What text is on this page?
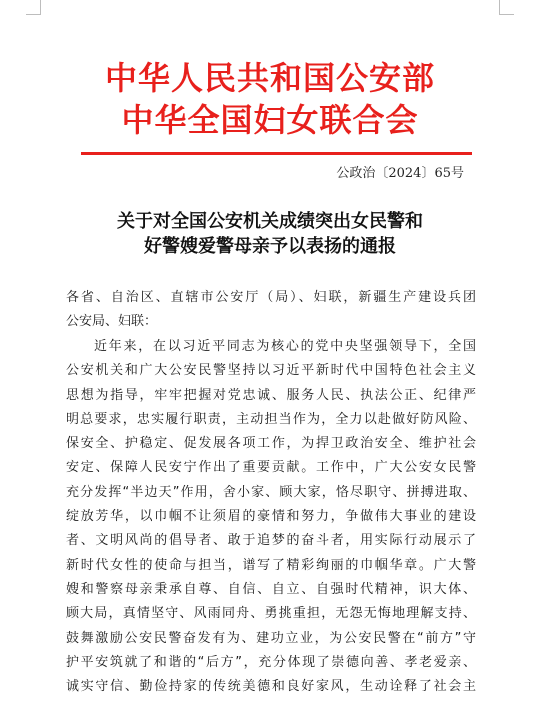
中华人民共和国公安部
中华全国妇女联合会
公政治〔2024〕65号
关于对全国公安机关成绩突出女民警和
好警嫂爱警母亲予以表扬的通报
各省、自治区、直辖市公安厅（局）、妇联，新疆生产建设兵团
公安局、妇联：
近年来，在以习近平同志为核心的党中央坚强领导下，全国
公安机关和广大公安民警坚持以习近平新时代中国特色社会主义
思想为指导，牢牢把握对党忠诚、服务人民、执法公正、纪律严
明总要求，忠实履行职责，主动担当作为，全力以赴做好防风险、
保安全、护稳定、促发展各项工作，为捍卫政治安全、维护社会
安定、保障人民安宁作出了重要贡献。工作中，广大公安女民警
充分发挥“半边天”作用，舍小家、顾大家，恪尽职守、拼搏进取、
绽放芳华，以巾帼不让须眉的豪情和努力，争做伟大事业的建设
者、文明风尚的倡导者、敢于追梦的奋斗者，用实际行动展示了
新时代女性的使命与担当，谱写了精彩绚丽的巾帼华章。广大警
嫂和警察母亲秉承自尊、自信、自立、自强时代精神，识大体、
顾大局，真情坚守、风雨同舟、勇挑重担，无怨无悔地理解支持、
鼓舞激励公安民警奋发有为、建功立业，为公安民警在“前方”守
护平安筑就了和谐的“后方”，充分体现了崇德向善、孝老爱亲、
诚实守信、勤俭持家的传统美德和良好家风，生动诠释了社会主
